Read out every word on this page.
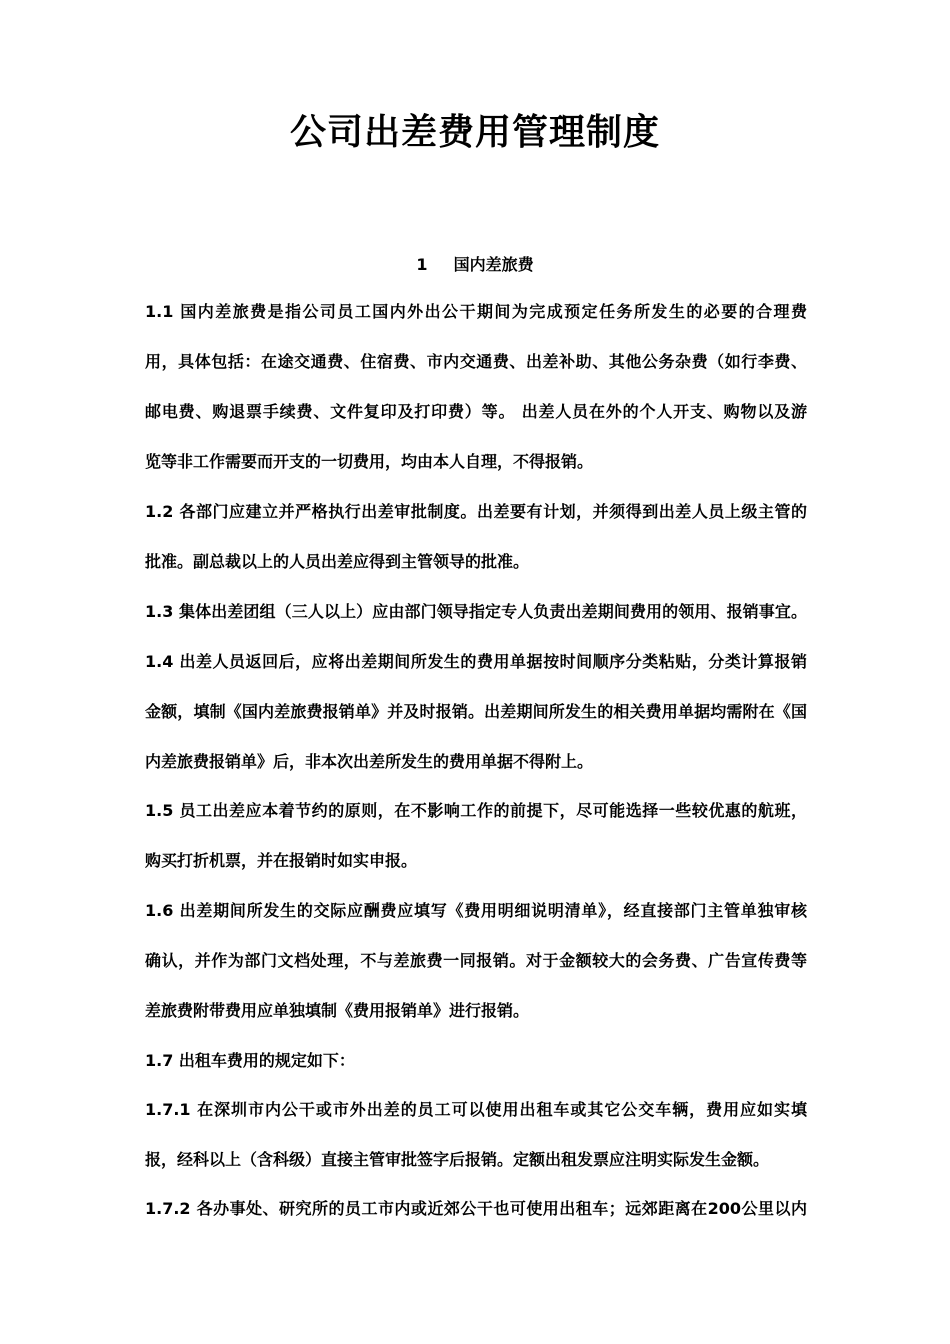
公司出差费用管理制度
1 国内差旅费
1.1 国内差旅费是指公司员工国内外出公干期间为完成预定任务所发生的必要的合理费
用，具体包括：在途交通费、住宿费、市内交通费、出差补助、其他公务杂费（如行李费、
邮电费、购退票手续费、文件复印及打印费）等。 出差人员在外的个人开支、购物以及游
览等非工作需要而开支的一切费用，均由本人自理，不得报销。
1.2 各部门应建立并严格执行出差审批制度。出差要有计划，并须得到出差人员上级主管的
批准。副总裁以上的人员出差应得到主管领导的批准。
1.3 集体出差团组（三人以上）应由部门领导指定专人负责出差期间费用的领用、报销事宜。
1.4 出差人员返回后，应将出差期间所发生的费用单据按时间顺序分类粘贴，分类计算报销
金额，填制《国内差旅费报销单》并及时报销。出差期间所发生的相关费用单据均需附在《国
内差旅费报销单》后，非本次出差所发生的费用单据不得附上。
1.5 员工出差应本着节约的原则，在不影响工作的前提下，尽可能选择一些较优惠的航班，
购买打折机票，并在报销时如实申报。
1.6 出差期间所发生的交际应酬费应填写《费用明细说明清单》，经直接部门主管单独审核
确认，并作为部门文档处理，不与差旅费一同报销。对于金额较大的会务费、广告宣传费等
差旅费附带费用应单独填制《费用报销单》进行报销。
1.7 出租车费用的规定如下：
1.7.1 在深圳市内公干或市外出差的员工可以使用出租车或其它公交车辆，费用应如实填
报，经科以上（含科级）直接主管审批签字后报销。定额出租发票应注明实际发生金额。
1.7.2 各办事处、研究所的员工市内或近郊公干也可使用出租车；远郊距离在200公里以内
